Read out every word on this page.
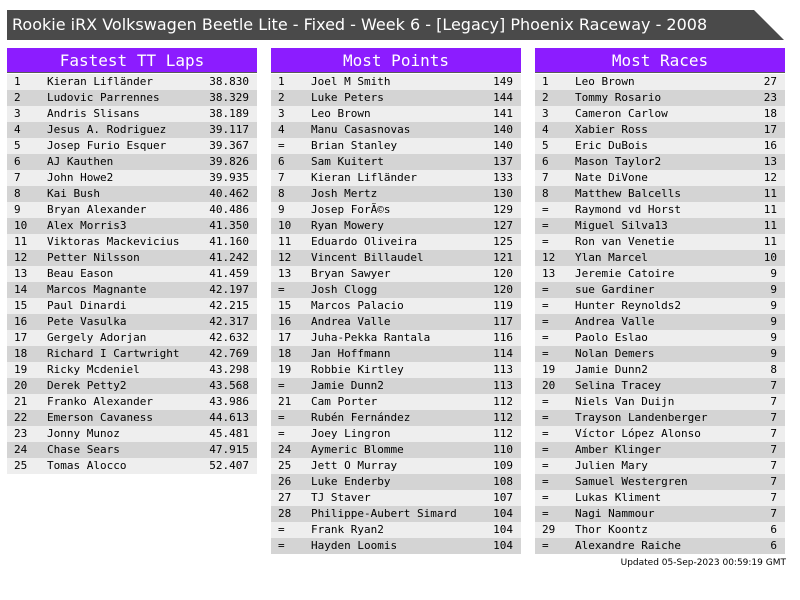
Rookie iRX Volkswagen Beetle Lite - Fixed - Week 6 - [Legacy] Phoenix Raceway - 2008
Fastest TT Laps
1 Kieran Lifländer	38.830
2 Ludovic Parrennes	38.329
3 Andris Slisans	38.189
4 Jesus A. Rodriguez	39.117
5 Josep Furio Esquer	39.367
6 AJ Kauthen	39.826
7 John Howe2	39.935
8 Kai Bush	40.462
9 Bryan Alexander	40.486
10 Alex Morris3	41.350
11 Viktoras Mackevicius	41.160
12 Petter Nilsson	41.242
13 Beau Eason	41.459
14 Marcos Magnante	42.197
15 Paul Dinardi	42.215
16 Pete Vasulka	42.317
17 Gergely Adorjan	42.632
18 Richard I Cartwright	42.769
19 Ricky Mcdeniel	43.298
20 Derek Petty2	43.568
21 Franko Alexander	43.986
22 Emerson Cavaness	44.613
23 Jonny Munoz	45.481
24 Chase Sears	47.915
25 Tomas Alocco	52.407
Most Points
1 Joel M Smith	149
2 Luke Peters	144
3 Leo Brown	141
4 Manu Casasnovas	140
= Brian Stanley	140
6 Sam Kuitert	137
7 Kieran Lifländer	133
8 Josh Mertz	130
9 Josep ForÃ©s	129
10 Ryan Mowery	127
11 Eduardo Oliveira	125
12 Vincent Billaudel	121
13 Bryan Sawyer	120
= Josh Clogg	120
15 Marcos Palacio	119
16 Andrea Valle	117
17 Juha-Pekka Rantala	116
18 Jan Hoffmann	114
19 Robbie Kirtley	113
= Jamie Dunn2	113
21 Cam Porter	112
= Rubén Fernández	112
= Joey Lingron	112
24 Aymeric Blomme	110
25 Jett O Murray	109
26 Luke Enderby	108
27 TJ Staver	107
28 Philippe-Aubert Simard	104
= Frank Ryan2	104
= Hayden Loomis	104
Most Races
1 Leo Brown	27
2 Tommy Rosario	23
3 Cameron Carlow	18
4 Xabier Ross	17
5 Eric DuBois	16
6 Mason Taylor2	13
7 Nate DiVone	12
8 Matthew Balcells	11
= Raymond vd Horst	11
= Miguel Silva13	11
= Ron van Venetie	11
12 Ylan Marcel	10
13 Jeremie Catoire	9
= sue Gardiner	9
= Hunter Reynolds2	9
= Andrea Valle	9
= Paolo Eslao	9
= Nolan Demers	9
19 Jamie Dunn2	8
20 Selina Tracey	7
= Niels Van Duijn	7
= Trayson Landenberger	7
= Víctor López Alonso	7
= Amber Klinger	7
= Julien Mary	7
= Samuel Westergren	7
= Lukas Kliment	7
= Nagi Nammour	7
29 Thor Koontz	6
= Alexandre Raiche	6
Updated 05-Sep-2023 00:59:19 GMT
